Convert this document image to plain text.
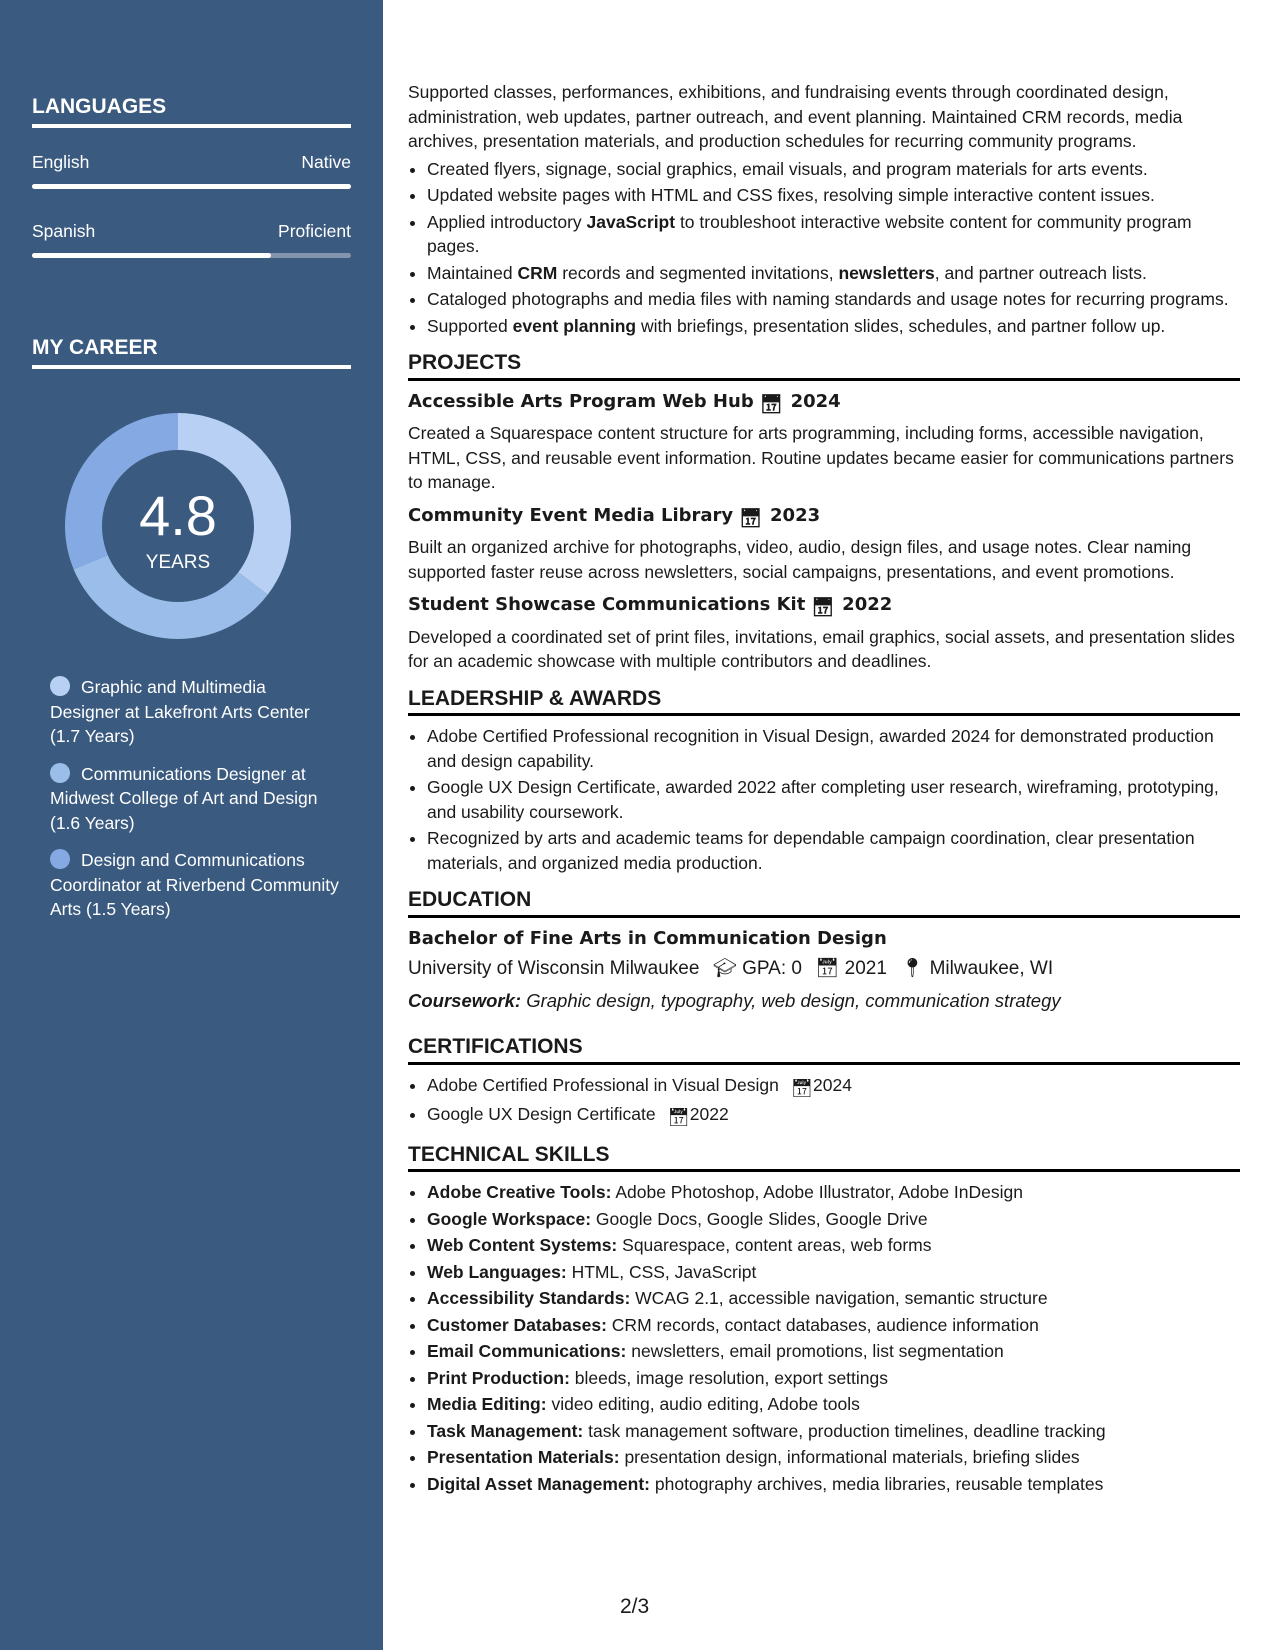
LANGUAGES
English	Native
Spanish	Proficient
MY CAREER
4.8
YEARS
Graphic and Multimedia Designer at Lakefront Arts Center (1.7 Years)
Communications Designer at Midwest College of Art and Design (1.6 Years)
Design and Communications Coordinator at Riverbend Community Arts (1.5 Years)

Supported classes, performances, exhibitions, and fundraising events through coordinated design, administration, web updates, partner outreach, and event planning. Maintained CRM records, media archives, presentation materials, and production schedules for recurring community programs.

• Created flyers, signage, social graphics, email visuals, and program materials for arts events.
• Updated website pages with HTML and CSS fixes, resolving simple interactive content issues.
• Applied introductory JavaScript to troubleshoot interactive website content for community program pages.
• Maintained CRM records and segmented invitations, newsletters, and partner outreach lists.
• Cataloged photographs and media files with naming standards and usage notes for recurring programs.
• Supported event planning with briefings, presentation slides, schedules, and partner follow up.
PROJECTS
Accessible Arts Program Web Hub 📅︎ 2024

Created a Squarespace content structure for arts programming, including forms, accessible navigation, HTML, CSS, and reusable event information. Routine updates became easier for communications partners to manage.

Community Event Media Library 📅︎ 2023

Built an organized archive for photographs, video, audio, design files, and usage notes. Clear naming supported faster reuse across newsletters, social campaigns, presentations, and event promotions.

Student Showcase Communications Kit 📅︎ 2022

Developed a coordinated set of print files, invitations, email graphics, social assets, and presentation slides for an academic showcase with multiple contributors and deadlines.

LEADERSHIP & AWARDS
• Adobe Certified Professional recognition in Visual Design, awarded 2024 for demonstrated production and design capability.
• Google UX Design Certificate, awarded 2022 after completing user research, wireframing, prototyping, and usability coursework.
• Recognized by arts and academic teams for dependable campaign coordination, clear presentation materials, and organized media production.
EDUCATION
Bachelor of Fine Arts in Communication Design
University of Wisconsin Milwaukee 🎓︎ GPA: 0 📅︎ 2021 📍︎ Milwaukee, WI
Coursework: Graphic design, typography, web design, communication strategy
CERTIFICATIONS
• Adobe Certified Professional in Visual Design 📅︎2024
• Google UX Design Certificate 📅︎2022
TECHNICAL SKILLS
• Adobe Creative Tools: Adobe Photoshop, Adobe Illustrator, Adobe InDesign
• Google Workspace: Google Docs, Google Slides, Google Drive
• Web Content Systems: Squarespace, content areas, web forms
• Web Languages: HTML, CSS, JavaScript
• Accessibility Standards: WCAG 2.1, accessible navigation, semantic structure
• Customer Databases: CRM records, contact databases, audience information
• Email Communications: newsletters, email promotions, list segmentation
• Print Production: bleeds, image resolution, export settings
• Media Editing: video editing, audio editing, Adobe tools
• Task Management: task management software, production timelines, deadline tracking
• Presentation Materials: presentation design, informational materials, briefing slides
• Digital Asset Management: photography archives, media libraries, reusable templates
2/3
